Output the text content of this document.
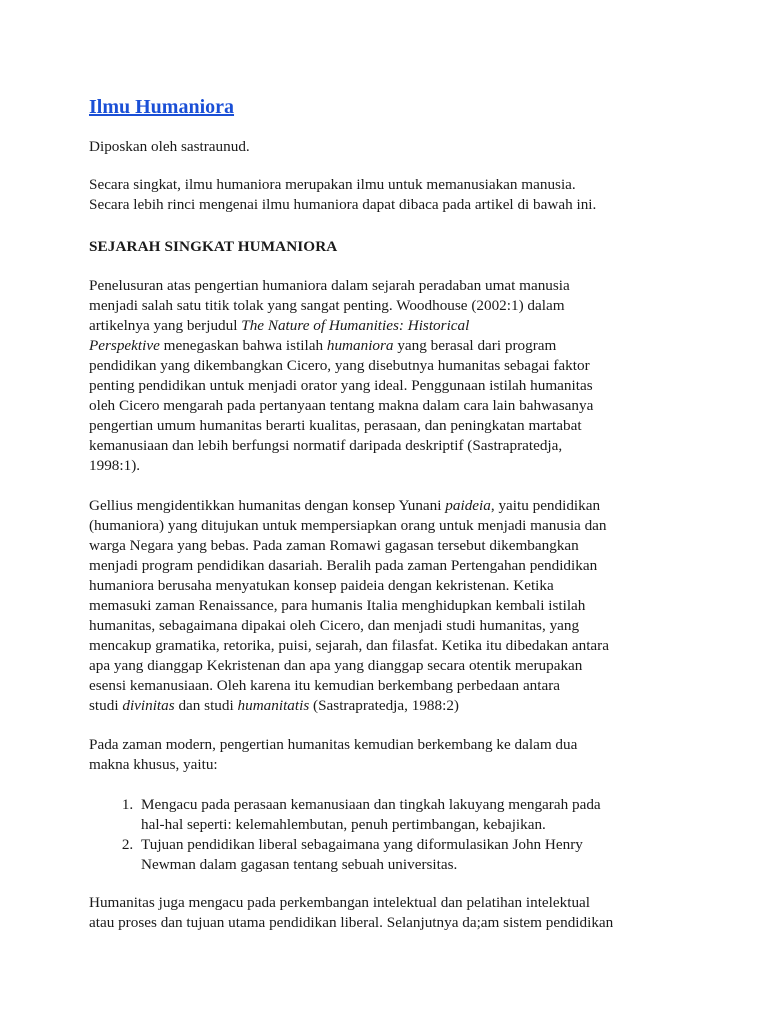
Ilmu Humaniora

Diposkan oleh sastraunud.

Secara singkat, ilmu humaniora merupakan ilmu untuk memanusiakan manusia.
Secara lebih rinci mengenai ilmu humaniora dapat dibaca pada artikel di bawah ini.

SEJARAH SINGKAT HUMANIORA

Penelusuran atas pengertian humaniora dalam sejarah peradaban umat manusia
menjadi salah satu titik tolak yang sangat penting. Woodhouse (2002:1) dalam
artikelnya yang berjudul The Nature of Humanities: Historical
Perspektive menegaskan bahwa istilah humaniora yang berasal dari program
pendidikan yang dikembangkan Cicero, yang disebutnya humanitas sebagai faktor
penting pendidikan untuk menjadi orator yang ideal. Penggunaan istilah humanitas
oleh Cicero mengarah pada pertanyaan tentang makna dalam cara lain bahwasanya
pengertian umum humanitas berarti kualitas, perasaan, dan peningkatan martabat
kemanusiaan dan lebih berfungsi normatif daripada deskriptif (Sastrapratedja,
1998:1).

Gellius mengidentikkan humanitas dengan konsep Yunani paideia, yaitu pendidikan
(humaniora) yang ditujukan untuk mempersiapkan orang untuk menjadi manusia dan
warga Negara yang bebas. Pada zaman Romawi gagasan tersebut dikembangkan
menjadi program pendidikan dasariah. Beralih pada zaman Pertengahan pendidikan
humaniora berusaha menyatukan konsep paideia dengan kekristenan. Ketika
memasuki zaman Renaissance, para humanis Italia menghidupkan kembali istilah
humanitas, sebagaimana dipakai oleh Cicero, dan menjadi studi humanitas, yang
mencakup gramatika, retorika, puisi, sejarah, dan filasfat. Ketika itu dibedakan antara
apa yang dianggap Kekristenan dan apa yang dianggap secara otentik merupakan
esensi kemanusiaan. Oleh karena itu kemudian berkembang perbedaan antara
studi divinitas dan studi humanitatis (Sastrapratedja, 1988:2)

Pada zaman modern, pengertian humanitas kemudian berkembang ke dalam dua
makna khusus, yaitu:

1. Mengacu pada perasaan kemanusiaan dan tingkah lakuyang mengarah pada
hal-hal seperti: kelemahlembutan, penuh pertimbangan, kebajikan.
2. Tujuan pendidikan liberal sebagaimana yang diformulasikan John Henry
Newman dalam gagasan tentang sebuah universitas.

Humanitas juga mengacu pada perkembangan intelektual dan pelatihan intelektual
atau proses dan tujuan utama pendidikan liberal. Selanjutnya da;am sistem pendidikan
